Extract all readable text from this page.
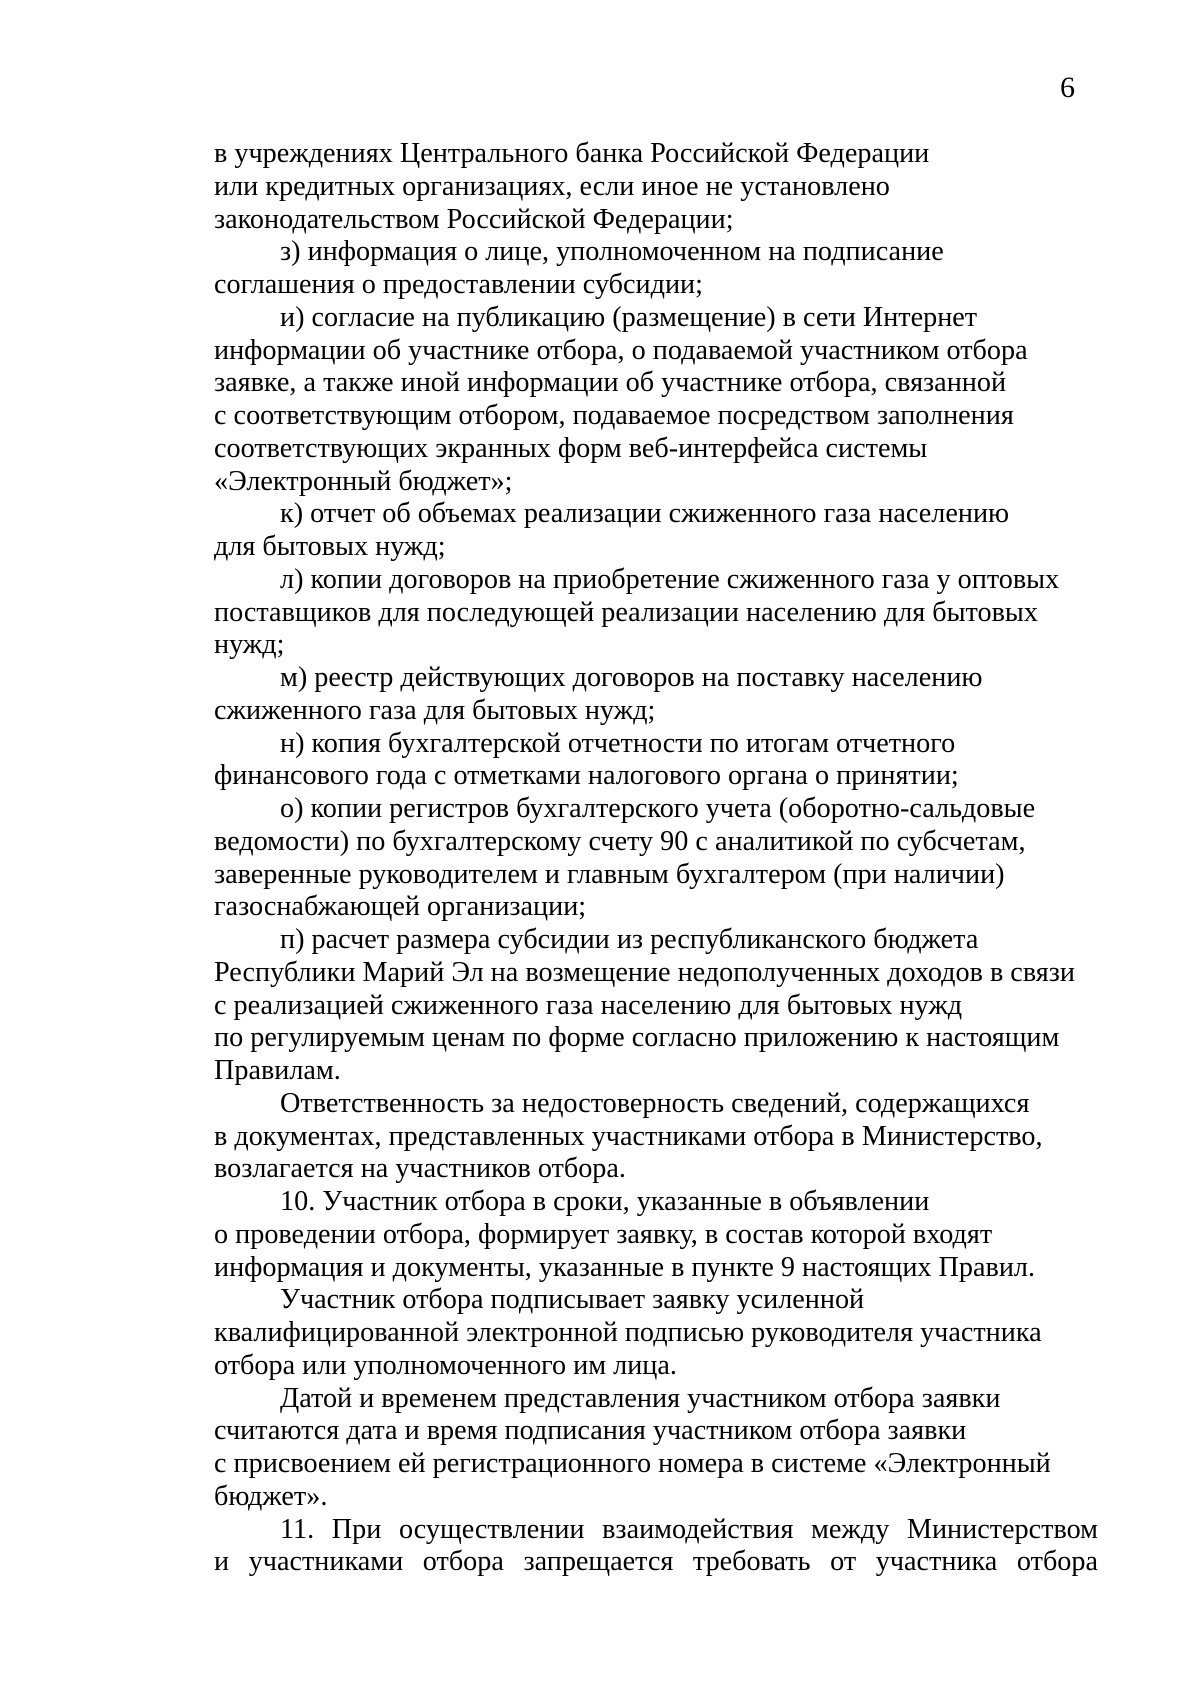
6

в учреждениях Центрального банка Российской Федерации
или кредитных организациях, если иное не установлено
законодательством Российской Федерации;

з) информация о лице, уполномоченном на подписание
соглашения о предоставлении субсидии;

и) согласие на публикацию (размещение) в сети Интернет
информации об участнике отбора, о подаваемой участником отбора
заявке, а также иной информации об участнике отбора, связанной
с соответствующим отбором, подаваемое посредством заполнения
соответствующих экранных форм веб-интерфейса системы
«Электронный бюджет»;

к) отчет об объемах реализации сжиженного газа населению
для бытовых нужд;

л) копии договоров на приобретение сжиженного газа у оптовых
поставщиков для последующей реализации населению для бытовых
нужд;

м) реестр действующих договоров на поставку населению
сжиженного газа для бытовых нужд;

н) копия бухгалтерской отчетности по итогам отчетного
финансового года с отметками налогового органа о принятии;

о) копии регистров бухгалтерского учета (оборотно-сальдовые
ведомости) по бухгалтерскому счету 90 с аналитикой по субсчетам,
заверенные руководителем и главным бухгалтером (при наличии)
газоснабжающей организации;

п) расчет размера субсидии из республиканского бюджета
Республики Марий Эл на возмещение недополученных доходов в связи
с реализацией сжиженного газа населению для бытовых нужд
по регулируемым ценам по форме согласно приложению к настоящим
Правилам.

Ответственность за недостоверность сведений, содержащихся
в документах, представленных участниками отбора в Министерство,
возлагается на участников отбора.

10. Участник отбора в сроки, указанные в объявлении
о проведении отбора, формирует заявку, в состав которой входят
информация и документы, указанные в пункте 9 настоящих Правил.

Участник отбора подписывает заявку усиленной
квалифицированной электронной подписью руководителя участника
отбора или уполномоченного им лица.

Датой и временем представления участником отбора заявки
считаются дата и время подписания участником отбора заявки
с присвоением ей регистрационного номера в системе «Электронный
бюджет».

11. При осуществлении взаимодействия между Министерством
и участниками отбора запрещается требовать от участника отбора
